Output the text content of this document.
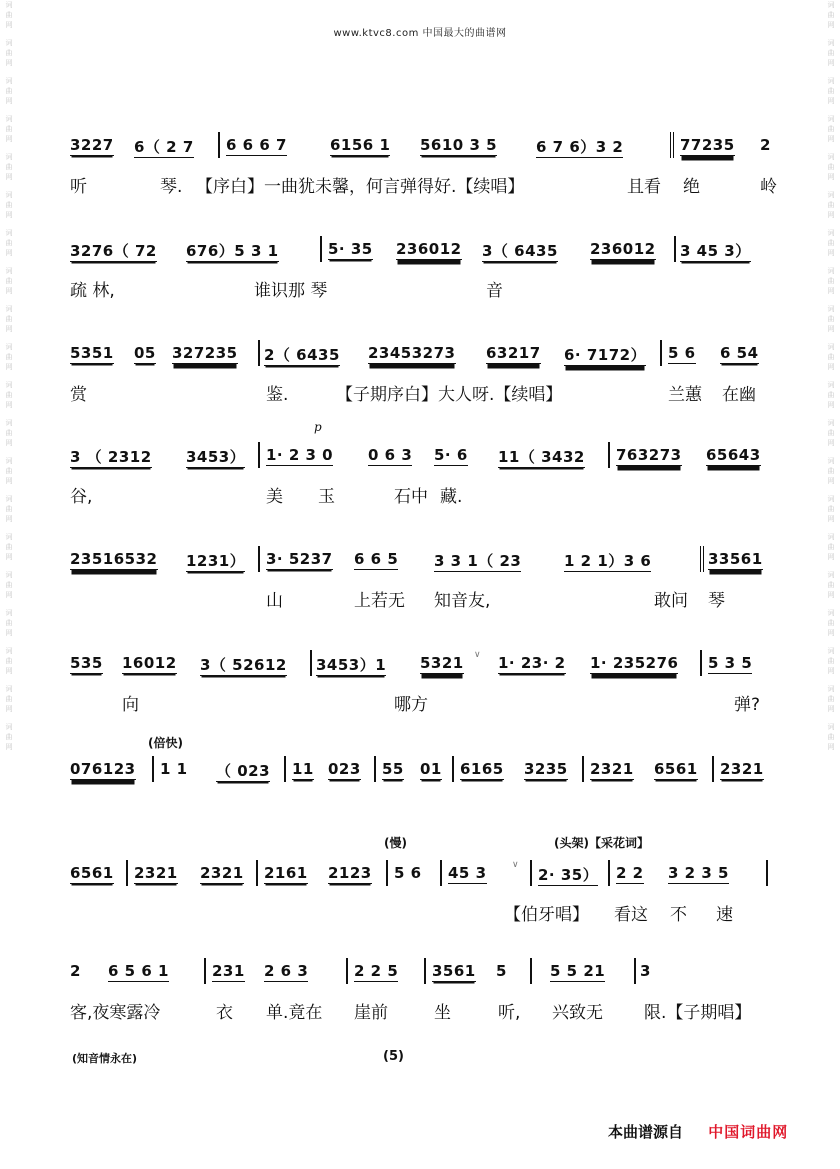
词
曲
网
词
曲
网
词
曲
网
词
曲
网
词
曲
网
词
曲
网
词
曲
网
词
曲
网
词
曲
网
词
曲
网
词
曲
网
词
曲
网
词
曲
网
词
曲
网
词
曲
网
词
曲
网
词
曲
网
词
曲
网
词
曲
网
词
曲
网
词
曲
网
词
曲
网
词
曲
网
词
曲
网
词
曲
网
词
曲
网
词
曲
网
词
曲
网
词
曲
网
词
曲
网
词
曲
网
词
曲
网
词
曲
网
词
曲
网
词
曲
网
词
曲
网
词
曲
网
词
曲
网
词
曲
网
词
曲
网
www.ktvc8.com 中国最大的曲谱网
3227 6（ 2 7 6 6 6 7	6156 1 5610 3 5	6 7 6）3 2	77235 2
听	琴. 【序白】一曲犹未馨，何言弹得好.【续唱】	且看 绝	岭
3276（ 72 676）5 3 1	5· 35 236012 3（ 6435 236012 3 45 3）
疏 林,	谁识那 琴	音
5351 05 327235 2（ 6435 23453273 63217 6· 7172） 5 6 6 54
赏	鉴.	【子期序白】大人呀.【续唱】	兰蕙 在幽
p
3 （ 2312 3453） 1· 2 3 0 0 6 3 5· 6 11（ 3432 763273 65643
谷,	美 玉	石中 藏.
23516532 1231） 3· 5237 6 6 5 3 3 1（ 23	1 2 1）3 6	33561
山	上若无 知音友,	敢问 琴
535 16012 3（ 52612 3453）1 5321 ∨ 1· 23· 2 1· 235276 5 3 5
向	哪方	弹?
(倍快)
076123 1 1 （ 023 11 023 55 01 6165 3235 2321 6561 2321
(慢)	(头架)【采花词】
6561 2321 2321 2161 2123 5 6 45 3	∨
2· 35） 2 2 3 2 3 5
【伯牙唱】 看这 不 速
2 6 5 6 1	231 2 6 3	2 2 5 3561 5	5 5 21 3
客,夜寒露冷	衣 单.竟在 崖前	坐	听, 兴致无 限.【子期唱】
(知音情永在)	(5)
本曲谱源自 中国词曲网
